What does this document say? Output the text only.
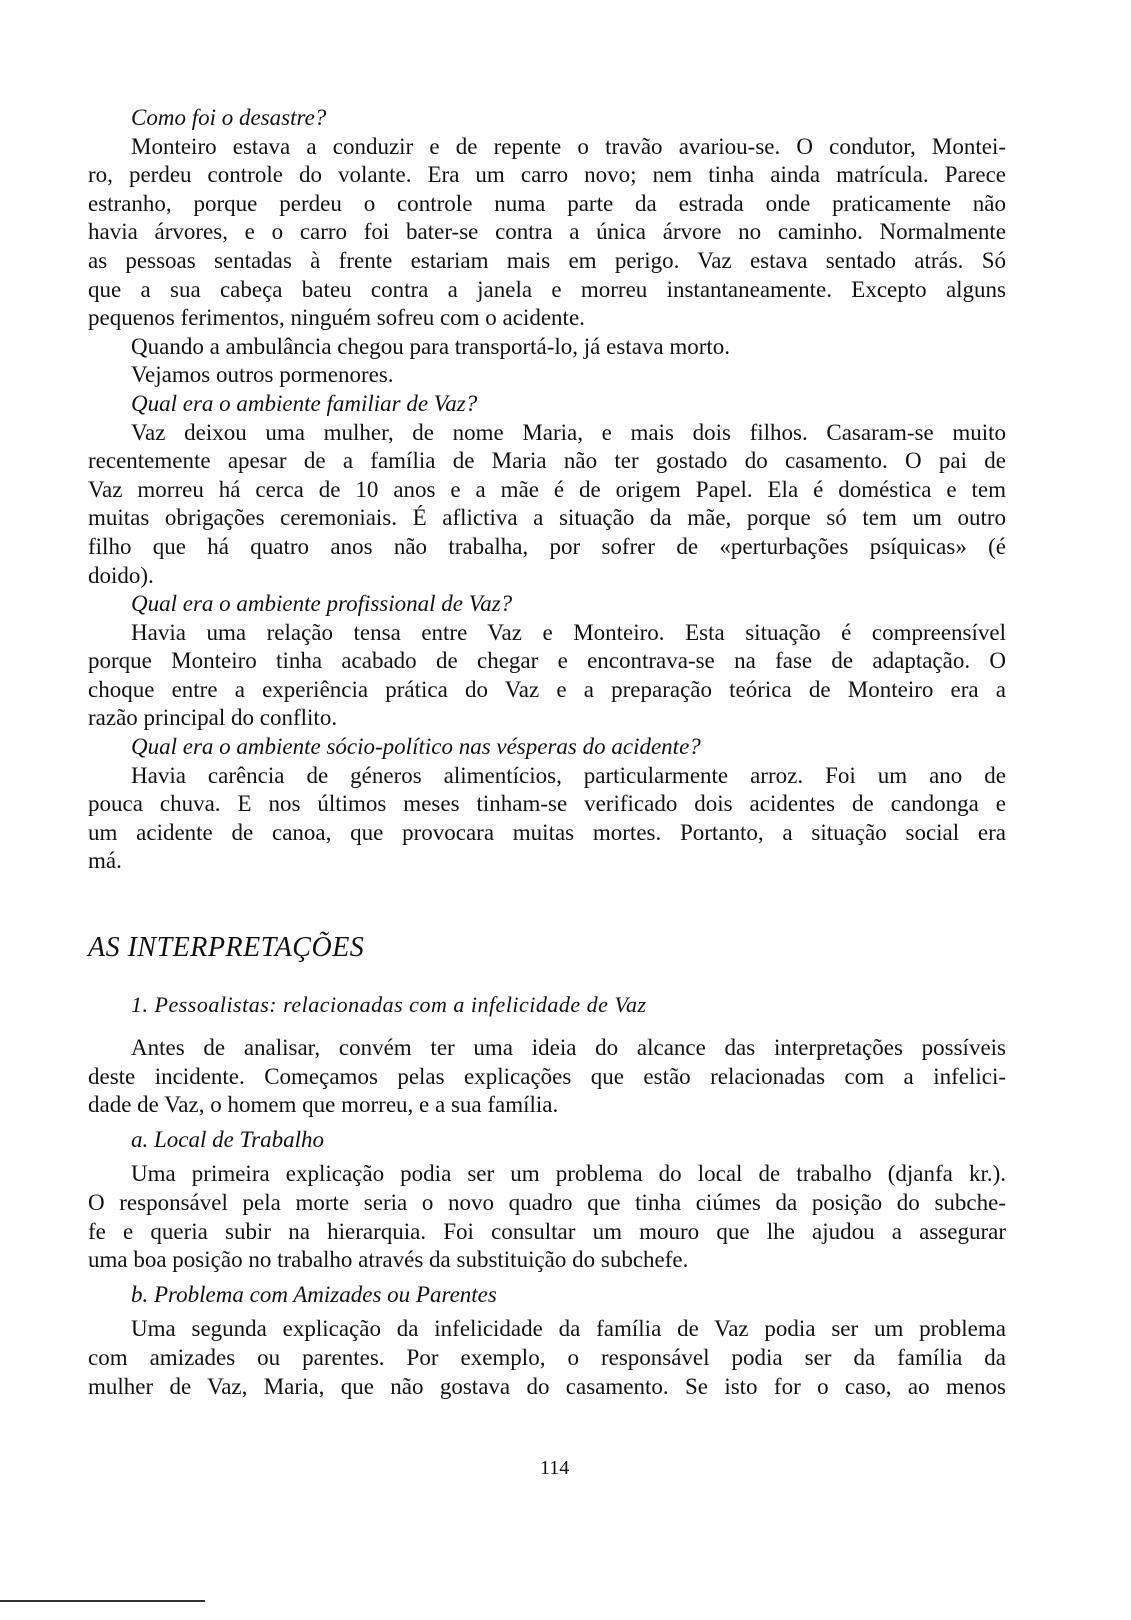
Como foi o desastre?
Monteiro estava a conduzir e de repente o travão avariou-se. O condutor, Montei-
ro, perdeu controle do volante. Era um carro novo; nem tinha ainda matrícula. Parece
estranho, porque perdeu o controle numa parte da estrada onde praticamente não
havia árvores, e o carro foi bater-se contra a única árvore no caminho. Normalmente
as pessoas sentadas à frente estariam mais em perigo. Vaz estava sentado atrás. Só
que a sua cabeça bateu contra a janela e morreu instantaneamente. Excepto alguns
pequenos ferimentos, ninguém sofreu com o acidente.
Quando a ambulância chegou para transportá-lo, já estava morto.
Vejamos outros pormenores.
Qual era o ambiente familiar de Vaz?
Vaz deixou uma mulher, de nome Maria, e mais dois filhos. Casaram-se muito
recentemente apesar de a família de Maria não ter gostado do casamento. O pai de
Vaz morreu há cerca de 10 anos e a mãe é de origem Papel. Ela é doméstica e tem
muitas obrigações ceremoniais. É aflictiva a situação da mãe, porque só tem um outro
filho que há quatro anos não trabalha, por sofrer de «perturbações psíquicas» (é
doido).
Qual era o ambiente profissional de Vaz?
Havia uma relação tensa entre Vaz e Monteiro. Esta situação é compreensível
porque Monteiro tinha acabado de chegar e encontrava-se na fase de adaptação. O
choque entre a experiência prática do Vaz e a preparação teórica de Monteiro era a
razão principal do conflito.
Qual era o ambiente sócio-político nas vésperas do acidente?
Havia carência de géneros alimentícios, particularmente arroz. Foi um ano de
pouca chuva. E nos últimos meses tinham-se verificado dois acidentes de candonga e
um acidente de canoa, que provocara muitas mortes. Portanto, a situação social era
má.
AS INTERPRETAÇÕES
1. Pessoalistas: relacionadas com a infelicidade de Vaz
Antes de analisar, convém ter uma ideia do alcance das interpretações possíveis
deste incidente. Começamos pelas explicações que estão relacionadas com a infelici-
dade de Vaz, o homem que morreu, e a sua família.
a. Local de Trabalho
Uma primeira explicação podia ser um problema do local de trabalho (djanfa kr.).
O responsável pela morte seria o novo quadro que tinha ciúmes da posição do subche-
fe e queria subir na hierarquia. Foi consultar um mouro que lhe ajudou a assegurar
uma boa posição no trabalho através da substituição do subchefe.
b. Problema com Amizades ou Parentes
Uma segunda explicação da infelicidade da família de Vaz podia ser um problema
com amizades ou parentes. Por exemplo, o responsável podia ser da família da
mulher de Vaz, Maria, que não gostava do casamento. Se isto for o caso, ao menos
114
